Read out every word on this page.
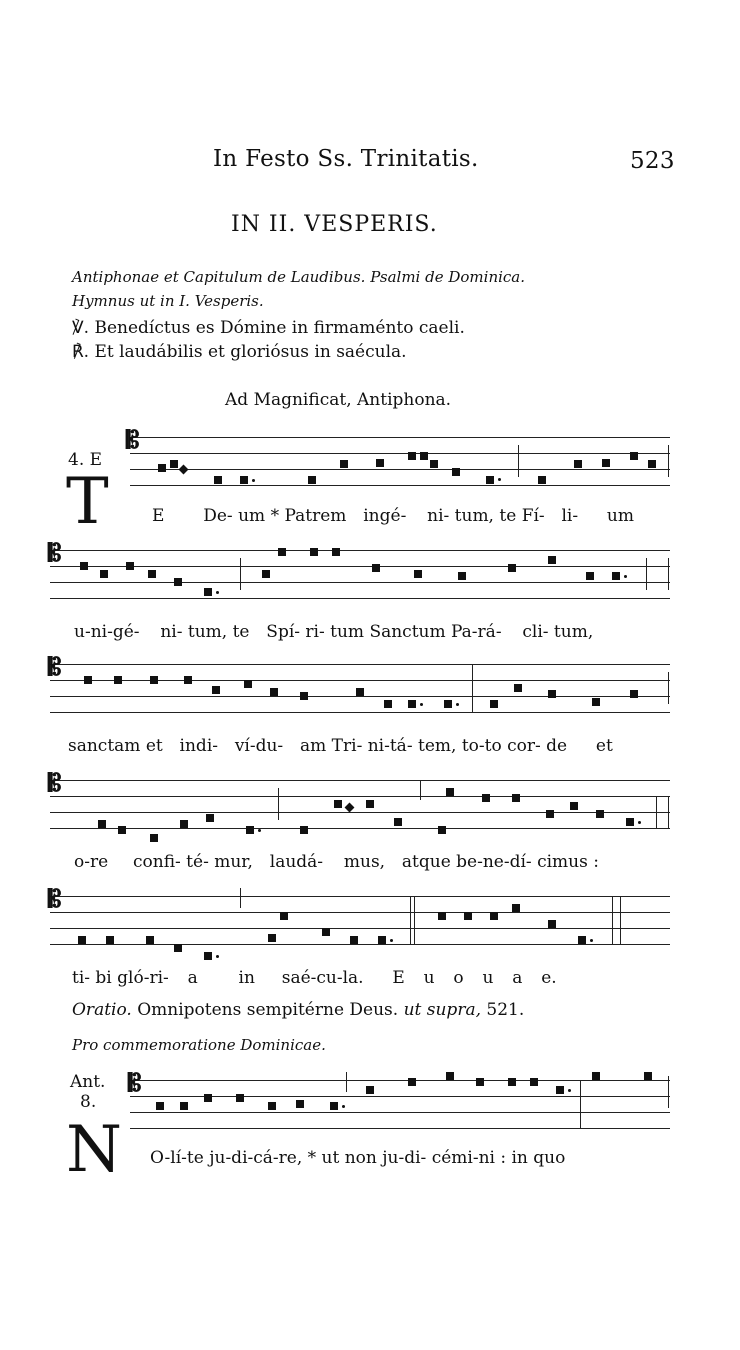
In Festo Ss. Trinitatis.	523
IN II. VESPERIS.
Antiphonae et Capitulum de Laudibus. Psalmi de Dominica.
Hymnus ut in I. Vesperis.
℣. Benedíctus es Dómine in firmaménto caeli.
℟. Et laudábilis et gloriósus in saécula.
Ad Magnificat, Antiphona.
4. E
T
𝄡
E De- um * Patrem ingé- ni- tum, te Fí- li- um
𝄡
u-ni-gé- ni- tum, te Spí- ri- tum Sanctum Pa-rá- cli- tum,
𝄡
sanctam et indi- ví-du- am Tri- ni-tá- tem, to-to cor- de et
𝄡
o-re confi- té- mur, laudá- mus, atque be-ne-dí- cimus :
𝄡
ti- bi gló-ri- a in saé-cu-la. E u o u a e.
Oratio. Omnipotens sempitérne Deus. ut supra, 521.
Pro commemoratione Dominicae.
Ant.
8.
N
𝄡
O-lí-te ju-di-cá-re, * ut non ju-di- cémi-ni : in quo
